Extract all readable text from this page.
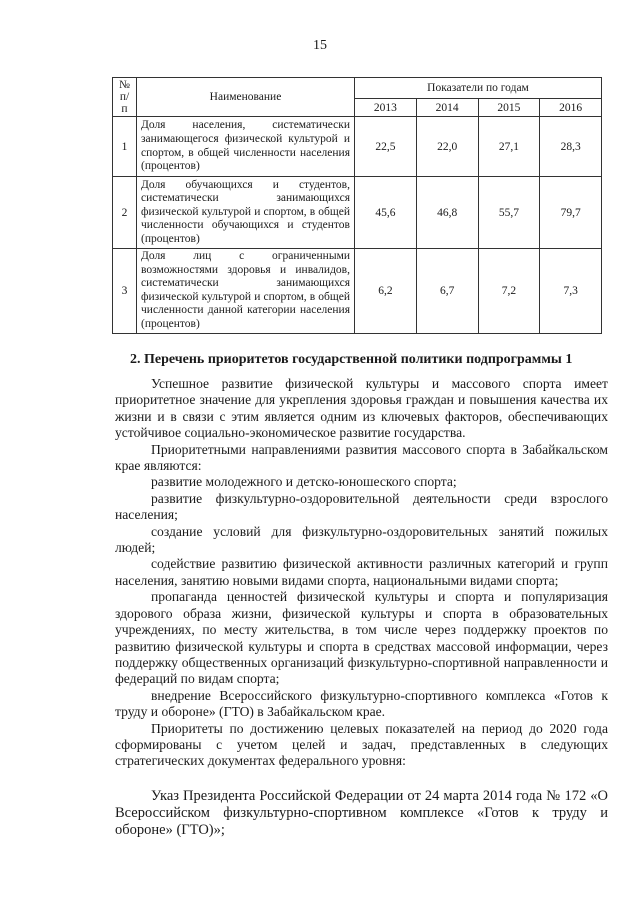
15
№ п/п	Наименование	Показатели по годам			
		2013	2014	2015	2016
1	Доля населения, систематически занимающегося физической культурой и спортом, в общей численности населения (процентов)	22,5	22,0	27,1	28,3
2	Доля обучающихся и студентов, систематически занимающихся физической культурой и спортом, в общей численности обучающихся и студентов (процентов)	45,6	46,8	55,7	79,7
3	Доля лиц с ограниченными возможностями здоровья и инвалидов, систематически занимающихся физической культурой и спортом, в общей численности данной категории населения (процентов)	6,2	6,7	7,2	7,3
2. Перечень приоритетов государственной политики подпрограммы 1

Успешное развитие физической культуры и массового спорта имеет приоритетное значение для укрепления здоровья граждан и повышения качества их жизни и в связи с этим является одним из ключевых факторов, обеспечивающих устойчивое социально-экономическое развитие государства.

Приоритетными направлениями развития массового спорта в Забайкальском крае являются:

развитие молодежного и детско-юношеского спорта;

развитие физкультурно-оздоровительной деятельности среди взрослого населения;

создание условий для физкультурно-оздоровительных занятий пожилых людей;

содействие развитию физической активности различных категорий и групп населения, занятию новыми видами спорта, национальными видами спорта;

пропаганда ценностей физической культуры и спорта и популяризация здорового образа жизни, физической культуры и спорта в образовательных учреждениях, по месту жительства, в том числе через поддержку проектов по развитию физической культуры и спорта в средствах массовой информации, через поддержку общественных организаций физкультурно-спортивной направленности и федераций по видам спорта;

внедрение Всероссийского физкультурно-спортивного комплекса «Готов к труду и обороне» (ГТО) в Забайкальском крае.

Приоритеты по достижению целевых показателей на период до 2020 года сформированы с учетом целей и задач, представленных в следующих стратегических документах федерального уровня:

Указ Президента Российской Федерации от 24 марта 2014 года № 172 «О Всероссийском физкультурно-спортивном комплексе «Готов к труду и обороне» (ГТО)»;
